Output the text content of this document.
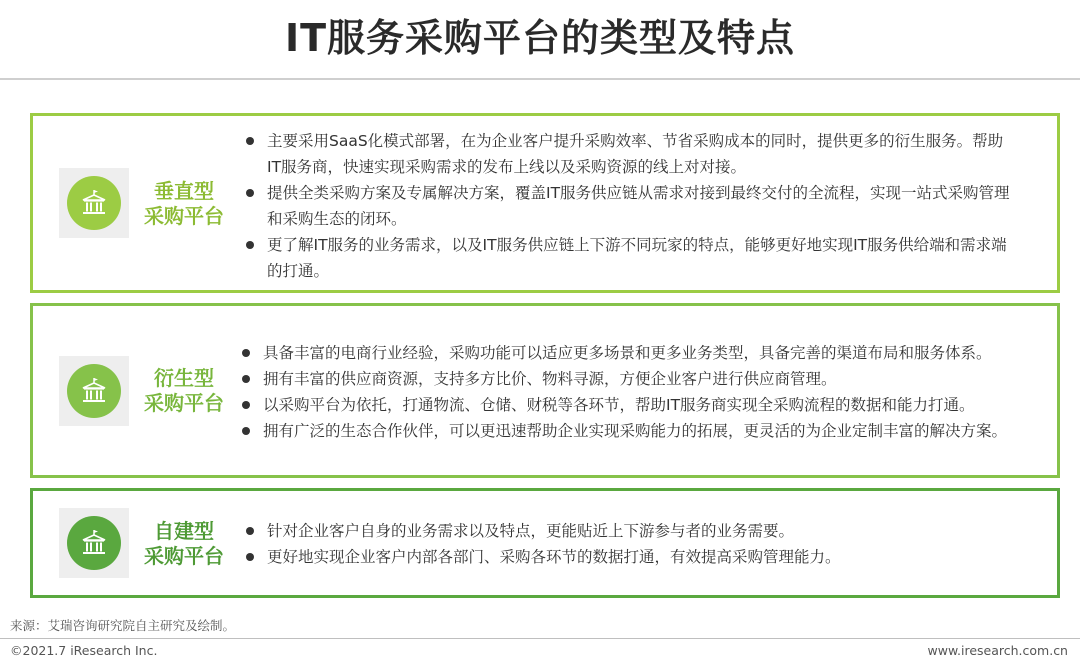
IT服务采购平台的类型及特点
垂直型
采购平台
主要采用SaaS化模式部署，在为企业客户提升采购效率、节省采购成本的同时，提供更多的衍生服务。帮助IT服务商，快速实现采购需求的发布上线以及采购资源的线上对对接。
提供全类采购方案及专属解决方案，覆盖IT服务供应链从需求对接到最终交付的全流程，实现一站式采购管理和采购生态的闭环。
更了解IT服务的业务需求，以及IT服务供应链上下游不同玩家的特点，能够更好地实现IT服务供给端和需求端的打通。
衍生型
采购平台
具备丰富的电商行业经验，采购功能可以适应更多场景和更多业务类型，具备完善的渠道布局和服务体系。
拥有丰富的供应商资源，支持多方比价、物料寻源，方便企业客户进行供应商管理。
以采购平台为依托，打通物流、仓储、财税等各环节，帮助IT服务商实现全采购流程的数据和能力打通。
拥有广泛的生态合作伙伴，可以更迅速帮助企业实现采购能力的拓展，更灵活的为企业定制丰富的解决方案。
自建型
采购平台
针对企业客户自身的业务需求以及特点，更能贴近上下游参与者的业务需要。
更好地实现企业客户内部各部门、采购各环节的数据打通，有效提高采购管理能力。
来源：艾瑞咨询研究院自主研究及绘制。
©2021.7 iResearch Inc.	www.iresearch.com.cn
